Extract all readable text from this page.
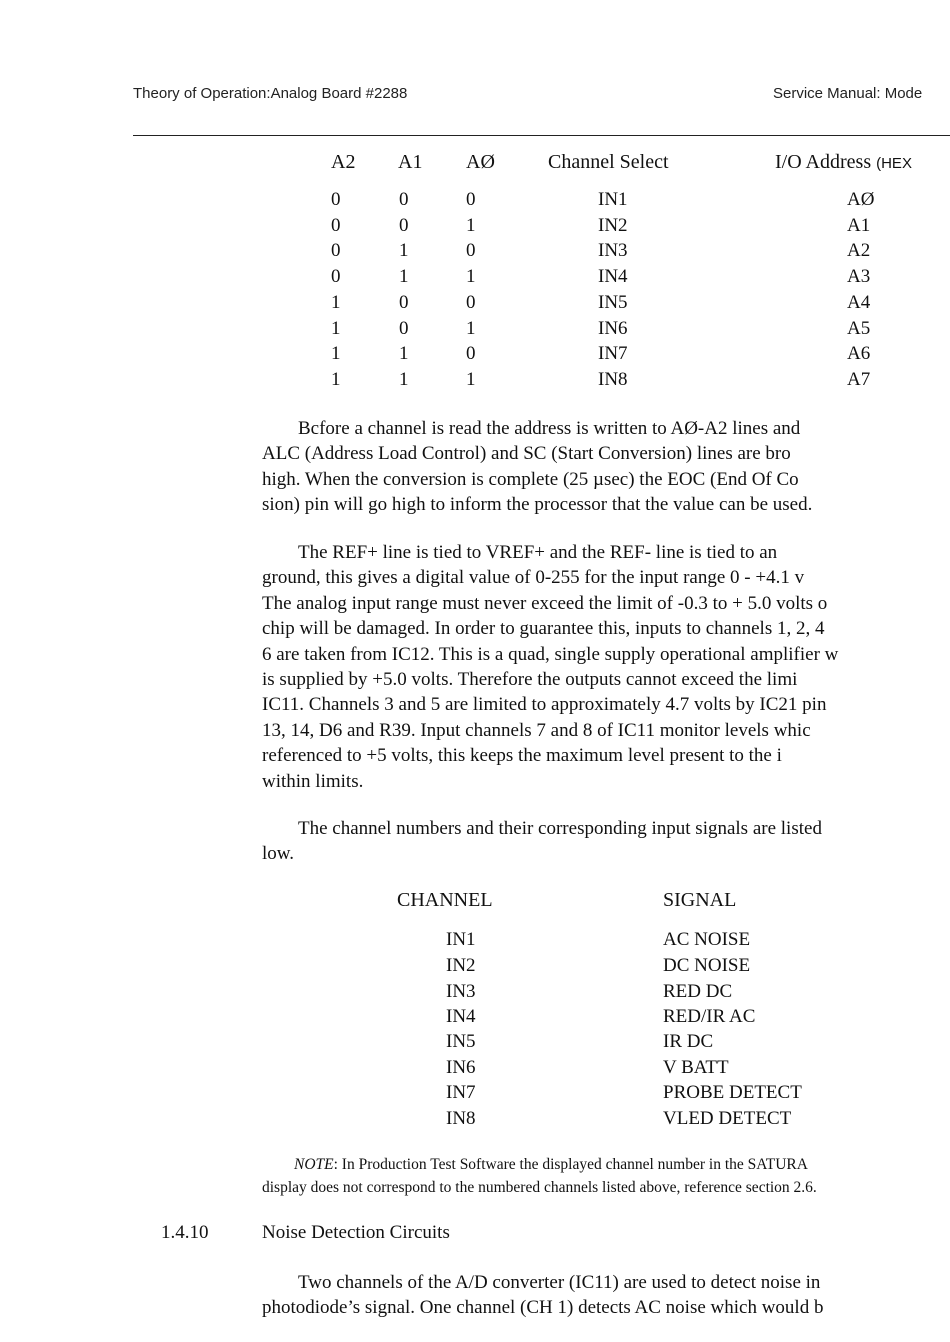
Theory of Operation:Analog Board #2288	Service Manual: Mode
A2 A1 AØ	Channel Select	I/O Address (HEX
0	0	0	IN1	AØ
0	0	1	IN2	A1
0	1	0	IN3	A2
0	1	1	IN4	A3
1	0	0	IN5	A4
1	0	1	IN6	A5
1	1	0	IN7	A6
1	1	1	IN8	A7
Bcfore a channel is read the address is written to AØ-A2 lines and
ALC (Address Load Control) and SC (Start Conversion) lines are bro
high. When the conversion is complete (25 µsec) the EOC (End Of Co
sion) pin will go high to inform the processor that the value can be used.
The REF+ line is tied to VREF+ and the REF- line is tied to an
ground, this gives a digital value of 0-255 for the input range 0 - +4.1 v
The analog input range must never exceed the limit of -0.3 to + 5.0 volts o
chip will be damaged. In order to guarantee this, inputs to channels 1, 2, 4
6 are taken from IC12. This is a quad, single supply operational amplifier w
is supplied by +5.0 volts. Therefore the outputs cannot exceed the limi
IC11. Channels 3 and 5 are limited to approximately 4.7 volts by IC21 pin
13, 14, D6 and R39. Input channels 7 and 8 of IC11 monitor levels whic
referenced to +5 volts, this keeps the maximum level present to the i
within limits.
The channel numbers and their corresponding input signals are listed
low.
CHANNEL	SIGNAL
IN1	AC NOISE
IN2	DC NOISE
IN3	RED DC
IN4	RED/IR AC
IN5	IR DC
IN6	V BATT
IN7	PROBE DETECT
IN8	VLED DETECT
NOTE: In Production Test Software the displayed channel number in the SATURA
display does not correspond to the numbered channels listed above, reference section 2.6.
1.4.10	Noise Detection Circuits
Two channels of the A/D converter (IC11) are used to detect noise in
photodiode’s signal. One channel (CH 1) detects AC noise which would b
